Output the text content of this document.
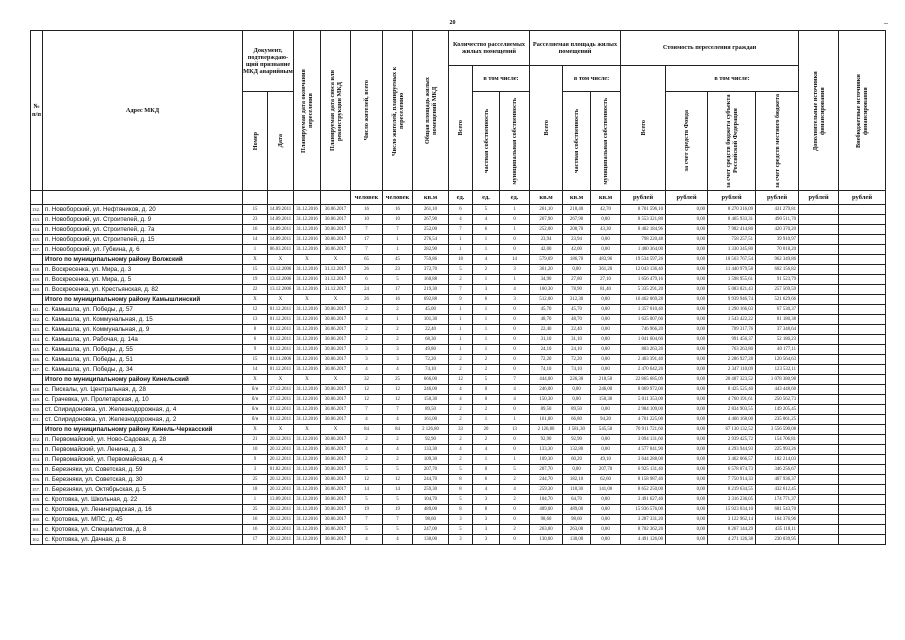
20	–
№ п/п	Адрес МКД	Документ, подтверждаю-щий признание МКД аварийным		Планируемая дата окончания переселения	Планируемая дата сноса или реконструкции МКД	Число жителей, всего	Число жителей, планируемых к переселению	Общая площадь жилых помещений МКД	Количество расселяемых жилых помещений			Расселяемая площадь жилых помещений			Стоимость переселения граждан				Дополнительные источники финансирования	Внебюджетные источники финансирования

									Всего	в том числе:		Всего	в том числе:		Всего	в том числе:				

		Номер	Дата							частная собственность	муниципальная собственность		частная собственность	муниципальная собственность		за счет средств Фонда	за счет средств бюджета субъекта Российской Федерации	за счет средств местного бюджета		

						человек	человек	кв.м	ед.	ед.	ед.	кв.м	кв.м	кв.м	рублей	рублей	рублей	рублей	рублей	рублей
132.	п. Новоборский, ул. Нефтяников, д. 20	15	14.09.2011	31.12.2016	30.06.2017	16	16	261,10	6	5	1	261,10	218,40	42,70	8 701 596,10	0,00	8 270 316,09	431 279,81		
133.	п. Новоборский, ул. Строителей, д. 9	23	14.09.2011	31.12.2016	30.06.2017	10	10	267,90	4	4	0	267,90	267,90	0,00	8 553 321,80	0,00	8 465 933,31	490 511,70		
134.	п. Новоборский, ул. Строителей, д. 7а	16	14.09.2011	31.12.2016	30.06.2017	7	7	252,00	7	6	1	252,00	208,70	43,30	8 402 184,96	0,00	7 982 414,80	420 370,20		
135.	п. Новоборский, ул. Строителей, д. 15	14	14.09.2011	31.12.2016	30.06.2017	17	1	276,54	1	1	0	23,94	23,94	0,00	798 220,48	0,00	758 257,51	39 910,97		
137.	п. Новоборский, ул. Губкина, д. 6	1	06.03.2011	31.12.2016	30.06.2017	7	1	282,90	1	1	0	42,00	42,00	0,00	1 400 364,00	0,00	1 330 345,80	70 018,20		
	Итого по муниципальному району Волжский	X	X	X	X	65	45	759,86	18	4	14	579,69	186,70	483,96	19 534 597,26	0,00	18 563 767,54	962 349,86		
138.	п. Воскресенка, ул. Мира, д. 3	15	13.12.2006	31.12.2016	31.12.2017	26	23	372,70	5	2	3	361,20	0,00	361,20	12 043 136,40	0,00	11 440 979,58	602 156,82		
139.	п. Воскресенка, ул. Мира, д. 5	19	13.12.2006	31.12.2016	31.12.2017	6	5	160,88	2	1	1	34,90	27,80	27,10	1 656 479,16	0,00	1 598 955,61	91 523,79		
140.	п. Воскресенка, ул. Крестьянская, д. 82	22	13.12.2006	31.12.2016	31.12.2017	24	17	219,30	7	3	4	160,30	78,90	81,40	5 335 291,20	0,00	5 083 821,43	257 569,59		
	Итого по муниципальному району Камышлинский	X	X	X	X	26	16	692,88	9	6	3	512,00	312,30	0,00	16 462 069,28	0,00	9 939 946,74	521 629,66		
141.	с. Камышла, ул. Победы, д. 57	12	01.12.2011	31.12.2016	30.06.2017	2	2	45,00	1	1	0	45,70	45,70	0,00	1 357 010,40	0,00	1 290 166,03	67 530,37		
142.	с. Камышла, ул. Коммунальная, д. 15	13	01.12.2011	31.12.2016	30.06.2017	4	1	101,30	1	1	0	48,70	48,70	0,00	1 625 007,60	0,00	1 543 422,22	81 180,38		
143.	с. Камышла, ул. Коммунальная, д. 9	8	01.12.2011	31.12.2016	30.06.2017	2	2	22,40	1	1	0	22,40	22,40	0,00	746 966,20	0,00	709 317,76	37 348,64		
144.	с. Камышла, ул. Рабочая, д. 14а	6	01.12.2011	31.12.2016	30.06.2017	2	2	68,30	1	1	0	31,10	31,10	0,00	1 041 604,60	0,00	991 456,37	52 180,23		
145.	с. Камышла, ул. Победы, д. 55	9	01.12.2011	31.12.2016	30.06.2017	3	3	49,80	1	1	0	24,10	24,10	0,00	803 263,20	0,00	763 263,80	40 177,11		
146.	с. Камышла, ул. Победы, д. 51	15	01.11.2006	31.12.2016	30.06.2017	3	3	72,20	2	2	0	72,20	72,20	0,00	2 403 391,40	0,00	2 286 927,28	120 564,63		
147.	с. Камышла, ул. Победы, д. 34	14	01.12.2011	31.12.2016	30.06.2017	4	4	74,10	2	2	0	74,10	74,10	0,00	2 470 642,20	0,00	2 347 110,09	123 532,11		
	Итого по муниципальному району Кинельский	X	X	X	X	32	25	666,00	12	5	7	444,00	226,30	218,50	22 865 685,09	0,00	20 487 323,52	1 078 380,98		
148.	с. Пискалы, ул. Центральная, д. 28	б/н	27.12.2011	31.12.2016	30.06.2017	12	12	246,00	4	0	4	246,00	0,00	246,00	8 069 972,00	0,00	8 425 525,40	443 448,60		
149.	с. Грачевка, ул. Пролетарская, д. 10	б/н	27.12.2011	31.12.2016	30.06.2017	12	12	150,30	4	0	4	150,30	0,00	150,30	5 011 353,00	0,00	4 760 191,61	250 562,73		
150.	ст. Спиридоновка, ул. Железнодорожная, д. 4	б/н	01.12.2011	31.12.2016	30.06.2017	7	7	89,50	2	2	0	89,50	89,50	0,00	2 984 109,00	0,00	2 834 903,55	149 205,45		
151.	ст. Спиридоновка, ул. Железнодорожная, д. 2	б/н	01.12.2011	31.12.2016	30.06.2017	4	4	161,00	2	1	1	161,00	66,80	94,20	4 701 225,00	0,00	4 466 168,00	235 061,25		
	Итого по муниципальному району Кинель-Черкасский	X	X	X	X	84	84	2 126,80	33	20	13	2 126,80	1 581,30	545,50	70 911 721,60	0,00	67 130 132,52	3 556 590,08		
152.	п. Первомайский, ул. Ново-Садовая, д. 28	21	20.12.2011	31.12.2016	30.06.2017	2	2	92,90	2	2	0	92,90	92,90	0,00	3 094 131,60	0,00	2 939 425,72	154 706,81		
153.	п. Первомайский, ул. Ленина, д. 3	10	20.12.2011	31.12.2016	30.06.2017	4	4	133,30	4	4	0	133,30	132,80	0,00	4 577 841,90	0,00	4 293 944,93	225 993,26		
154.	п. Первомайский, ул. Первомайская, д. 4	9	20.12.2011	31.12.2016	30.06.2017	2	2	109,30	2	1	1	109,30	60,20	49,10	3 644 288,00	0,00	3 462 066,57	182 214,03		
155.	п. Березняки, ул. Советская, д. 59	3	01.02.2011	31.12.2016	30.06.2017	5	5	207,70	5	0	5	207,70	0,00	207,70	6 925 131,40	0,00	6 578 874,73	346 256,67		
156.	п. Березняки, ул. Советская, д. 30	25	20.12.2011	31.12.2016	30.06.2017	12	12	244,70	8	6	2	244,70	182,10	62,60	8 158 987,40	0,00	7 750 914,33	407 936,37		
157.	п. Березняки, ул. Октябрьская, д. 5	18	20.12.2011	31.12.2016	30.06.2017	14	14	259,30	8	4	4	259,30	118,30	141,00	8 652 250,00	0,00	8 219 634,55	432 612,45		
158.	с. Кротовка, ул. Школьная, д. 22	1	13.09.2011	31.12.2016	30.06.2017	5	5	104,70	5	3	2	104,70	64,70	0,00	3 491 627,40	0,00	3 316 236,05	174 771,37		
159.	с. Кротовка, ул. Ленинградская, д. 16	25	20.12.2011	31.12.2016	30.06.2017	19	19	489,00	8	8	0	489,00	489,00	0,00	15 936 576,00	0,00	15 923 034,10	681 543,70		
160.	с. Кротовка, ул. МПС, д. 45	16	20.12.2011	31.12.2016	30.06.2017	7	7	98,60	3	3	0	98,60	98,60	0,00	3 287 331,20	0,00	3 122 962,14	164 376,96		
161.	с. Кротовка, ул. Специалистов, д. 8	16	20.12.2011	31.12.2016	30.06.2017	5	5	247,00	5	3	2	263,00	263,00	0,00	8 702 362,20	0,00	8 267 144,29	435 118,11		
162.	с. Кротовка, ул. Дачная, д. 8	17	20.12.2011	31.12.2016	30.06.2017	4	4	130,00	3	3	0	130,00	130,00	0,00	4 491 126,00	0,00	4 271 126,38	230 039,95		
